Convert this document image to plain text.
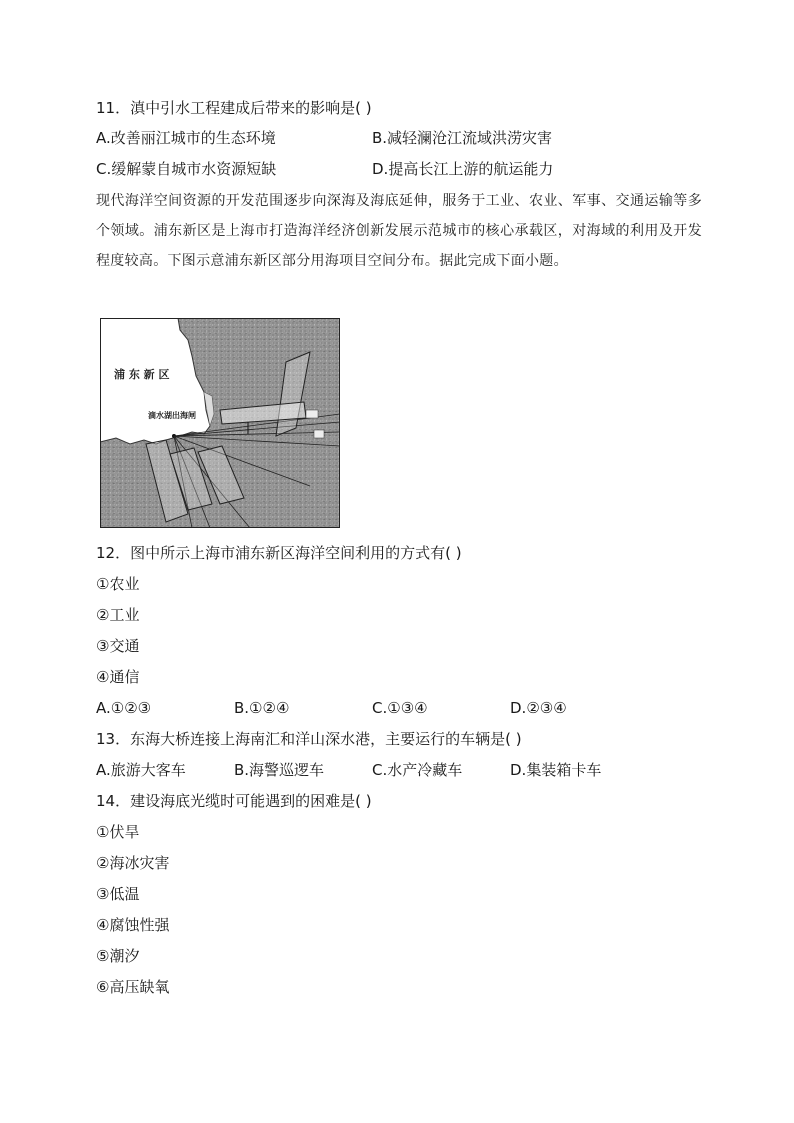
11．滇中引水工程建成后带来的影响是( )
A.改善丽江城市的生态环境	B.减轻澜沧江流域洪涝灾害
C.缓解蒙自城市水资源短缺	D.提高长江上游的航运能力
现代海洋空间资源的开发范围逐步向深海及海底延伸，服务于工业、农业、军事、交通运输等多个领域。浦东新区是上海市打造海洋经济创新发展示范城市的核心承载区，对海域的利用及开发程度较高。下图示意浦东新区部分用海项目空间分布。据此完成下面小题。
浦 东 新 区
滴水湖出海闸
12．图中所示上海市浦东新区海洋空间利用的方式有( )
①农业
②工业
③交通
④通信
A.①②③	B.①②④	C.①③④	D.②③④
13．东海大桥连接上海南汇和洋山深水港，主要运行的车辆是( )
A.旅游大客车	B.海警巡逻车	C.水产冷藏车	D.集装箱卡车
14．建设海底光缆时可能遇到的困难是( )
①伏旱
②海冰灾害
③低温
④腐蚀性强
⑤潮汐
⑥高压缺氧
